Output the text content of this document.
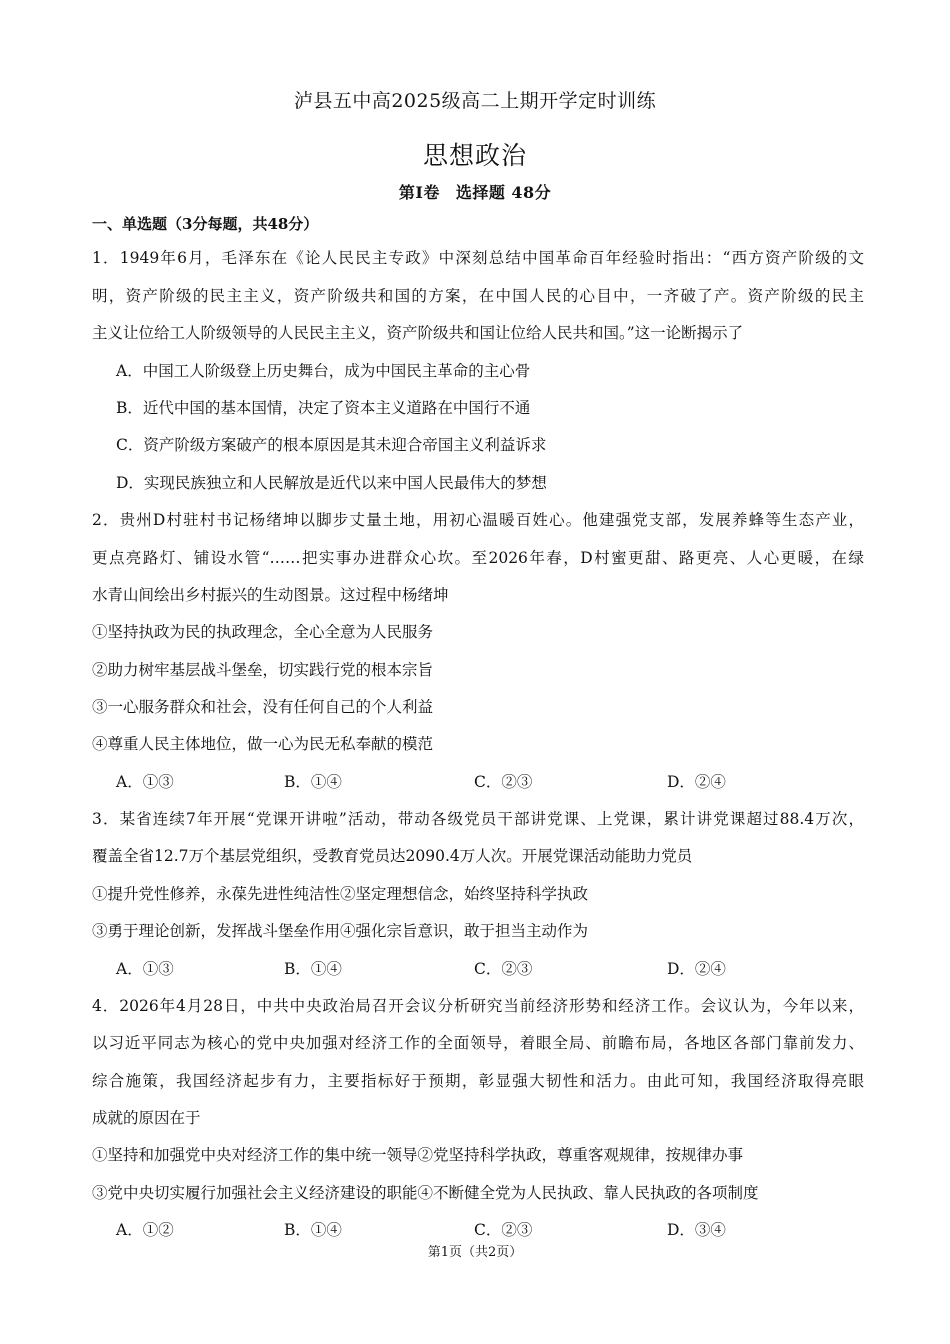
泸县五中高2025级高二上期开学定时训练
思想政治
第Ⅰ卷 选择题 48分
一、单选题（3分每题，共48分）
1．1949年6月，毛泽东在《论人民民主专政》中深刻总结中国革命百年经验时指出：“西方资产阶级的文
明，资产阶级的民主主义，资产阶级共和国的方案，在中国人民的心目中，一齐破了产。资产阶级的民主
主义让位给工人阶级领导的人民民主主义，资产阶级共和国让位给人民共和国。”这一论断揭示了
A．中国工人阶级登上历史舞台，成为中国民主革命的主心骨
B．近代中国的基本国情，决定了资本主义道路在中国行不通
C．资产阶级方案破产的根本原因是其未迎合帝国主义利益诉求
D．实现民族独立和人民解放是近代以来中国人民最伟大的梦想
2．贵州D村驻村书记杨绪坤以脚步丈量土地，用初心温暖百姓心。他建强党支部，发展养蜂等生态产业，
更点亮路灯、铺设水管“……把实事办进群众心坎。至2026年春，D村蜜更甜、路更亮、人心更暖，在绿
水青山间绘出乡村振兴的生动图景。这过程中杨绪坤
①坚持执政为民的执政理念，全心全意为人民服务
②助力树牢基层战斗堡垒，切实践行党的根本宗旨
③一心服务群众和社会，没有任何自己的个人利益
④尊重人民主体地位，做一心为民无私奉献的模范
A．①③	B．①④	C．②③	D．②④
3．某省连续7年开展“党课开讲啦”活动，带动各级党员干部讲党课、上党课，累计讲党课超过88.4万次，
覆盖全省12.7万个基层党组织，受教育党员达2090.4万人次。开展党课活动能助力党员
①提升党性修养，永葆先进性纯洁性②坚定理想信念，始终坚持科学执政
③勇于理论创新，发挥战斗堡垒作用④强化宗旨意识，敢于担当主动作为
A．①③	B．①④	C．②③	D．②④
4．2026年4月28日，中共中央政治局召开会议分析研究当前经济形势和经济工作。会议认为，今年以来，
以习近平同志为核心的党中央加强对经济工作的全面领导，着眼全局、前瞻布局，各地区各部门靠前发力、
综合施策，我国经济起步有力，主要指标好于预期，彰显强大韧性和活力。由此可知，我国经济取得亮眼
成就的原因在于
①坚持和加强党中央对经济工作的集中统一领导②党坚持科学执政，尊重客观规律，按规律办事
③党中央切实履行加强社会主义经济建设的职能④不断健全党为人民执政、靠人民执政的各项制度
A．①②	B．①④	C．②③	D．③④
第1页（共2页）
